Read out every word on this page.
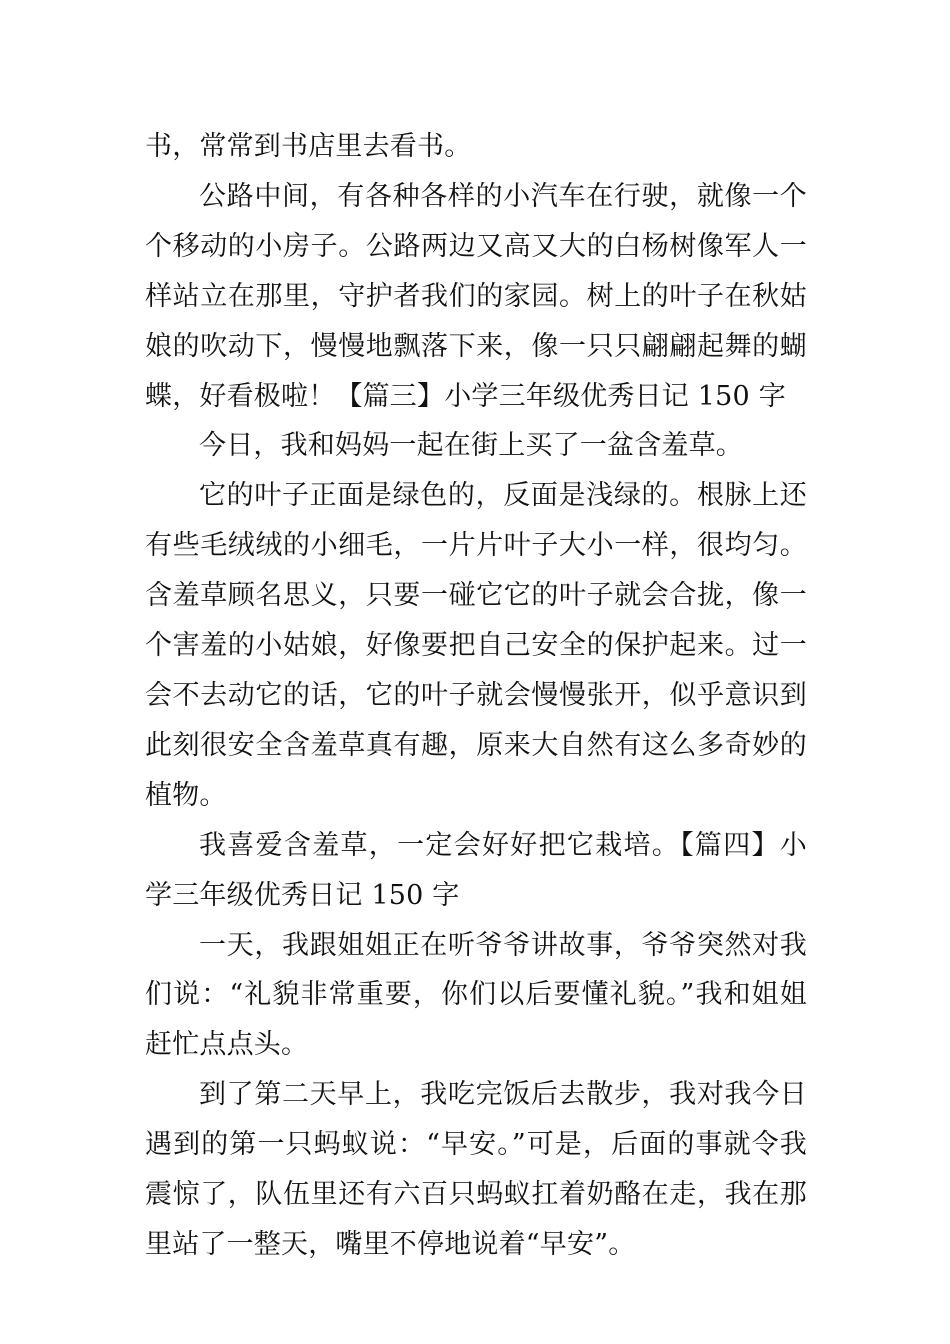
书，常常到书店里去看书。

公路中间，有各种各样的小汽车在行驶，就像一个个移动的小房子。公路两边又高又大的白杨树像军人一样站立在那里，守护者我们的家园。树上的叶子在秋姑娘的吹动下，慢慢地飘落下来，像一只只翩翩起舞的蝴蝶，好看极啦！【篇三】小学三年级优秀日记 150 字

今日，我和妈妈一起在街上买了一盆含羞草。

它的叶子正面是绿色的，反面是浅绿的。根脉上还有些毛绒绒的小细毛，一片片叶子大小一样，很均匀。含羞草顾名思义，只要一碰它它的叶子就会合拢，像一个害羞的小姑娘，好像要把自己安全的保护起来。过一会不去动它的话，它的叶子就会慢慢张开，似乎意识到此刻很安全含羞草真有趣，原来大自然有这么多奇妙的植物。

我喜爱含羞草，一定会好好把它栽培。【篇四】小学三年级优秀日记 150 字

一天，我跟姐姐正在听爷爷讲故事，爷爷突然对我们说：“礼貌非常重要，你们以后要懂礼貌。”我和姐姐赶忙点点头。

到了第二天早上，我吃完饭后去散步，我对我今日遇到的第一只蚂蚁说：“早安。”可是，后面的事就令我震惊了，队伍里还有六百只蚂蚁扛着奶酪在走，我在那里站了一整天，嘴里不停地说着“早安”。
